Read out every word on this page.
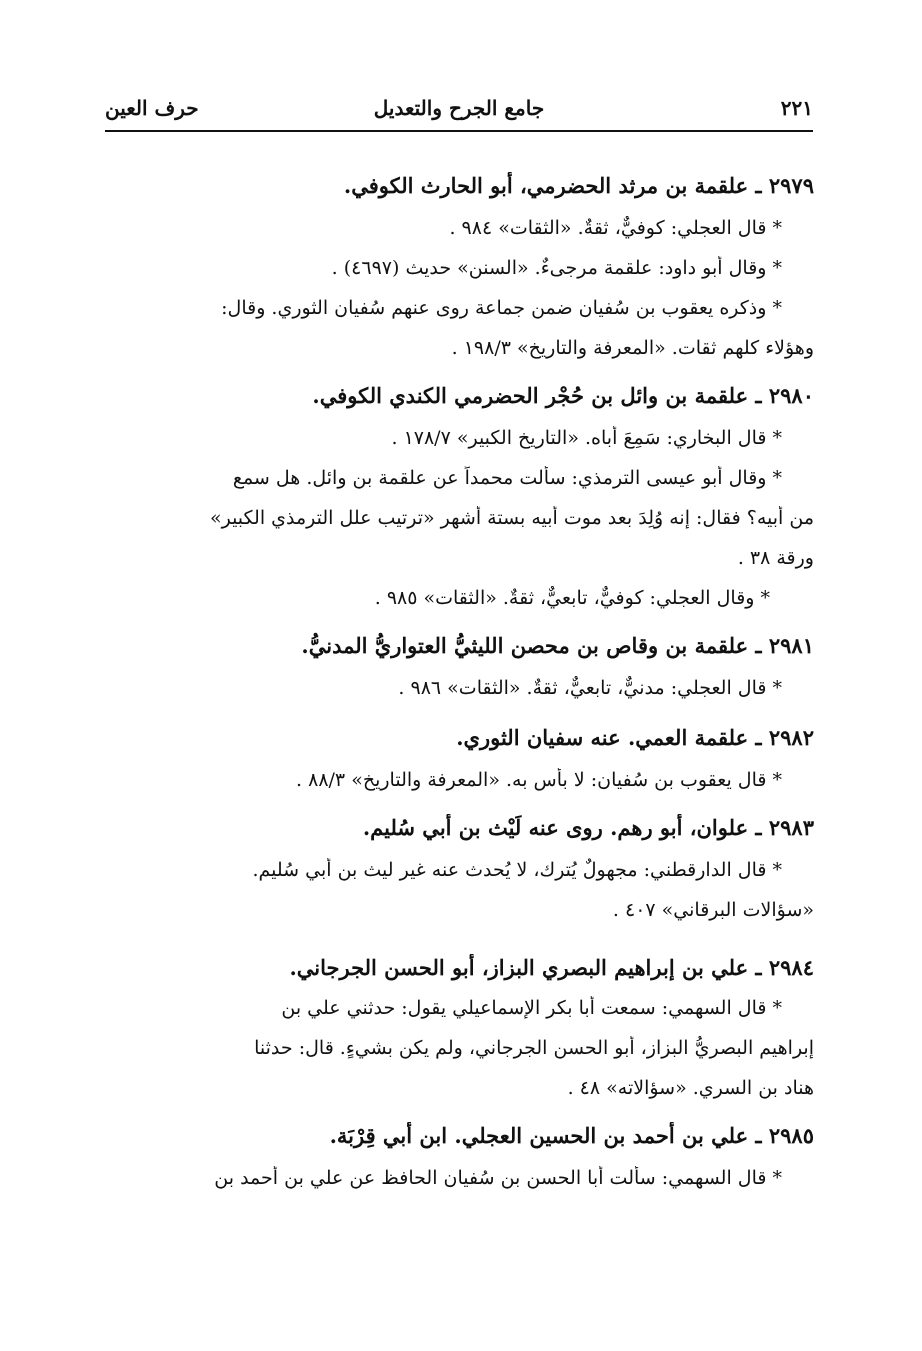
٢٢١
جامع الجرح والتعديل
حرف العين
٢٩٧٩ ـ علقمة بن مرثد الحضرمي، أبو الحارث الكوفي.
* قال العجلي: كوفيٌّ، ثقةٌ. «الثقات» ٩٨٤ .
* وقال أبو داود: علقمة مرجىءٌ. «السنن» حديث (٤٦٩٧) .
* وذكره يعقوب بن سُفيان ضمن جماعة روى عنهم سُفيان الثوري. وقال:
وهؤلاء كلهم ثقات. «المعرفة والتاريخ» ١٩٨/٣ .
٢٩٨٠ ـ علقمة بن وائل بن حُجْر الحضرمي الكندي الكوفي.
* قال البخاري: سَمِعَ أباه. «التاريخ الكبير» ١٧٨/٧ .
* وقال أبو عيسى الترمذي: سألت محمداً عن علقمة بن وائل. هل سمع
من أبيه؟ فقال: إنه وُلِدَ بعد موت أبيه بستة أشهر «ترتيب علل الترمذي الكبير»
ورقة ٣٨ .
* وقال العجلي: كوفيٌّ، تابعيٌّ، ثقةٌ. «الثقات» ٩٨٥ .
٢٩٨١ ـ علقمة بن وقاص بن محصن الليثيُّ العتواريُّ المدنيُّ.
* قال العجلي: مدنيٌّ، تابعيٌّ، ثقةٌ. «الثقات» ٩٨٦ .
٢٩٨٢ ـ علقمة العمي. عنه سفيان الثوري.
* قال يعقوب بن سُفيان: لا بأس به. «المعرفة والتاريخ» ٨٨/٣ .
٢٩٨٣ ـ علوان، أبو رهم. روى عنه لَيْث بن أبي سُليم.
* قال الدارقطني: مجهولٌ يُترك، لا يُحدث عنه غير ليث بن أبي سُليم.
«سؤالات البرقاني» ٤٠٧ .
٢٩٨٤ ـ علي بن إبراهيم البصري البزاز، أبو الحسن الجرجاني.
* قال السهمي: سمعت أبا بكر الإسماعيلي يقول: حدثني علي بن
إبراهيم البصريُّ البزاز، أبو الحسن الجرجاني، ولم يكن بشيءٍ. قال: حدثنا
هناد بن السري. «سؤالاته» ٤٨ .
٢٩٨٥ ـ علي بن أحمد بن الحسين العجلي. ابن أبي قِرْبَة.
* قال السهمي: سألت أبا الحسن بن سُفيان الحافظ عن علي بن أحمد بن
